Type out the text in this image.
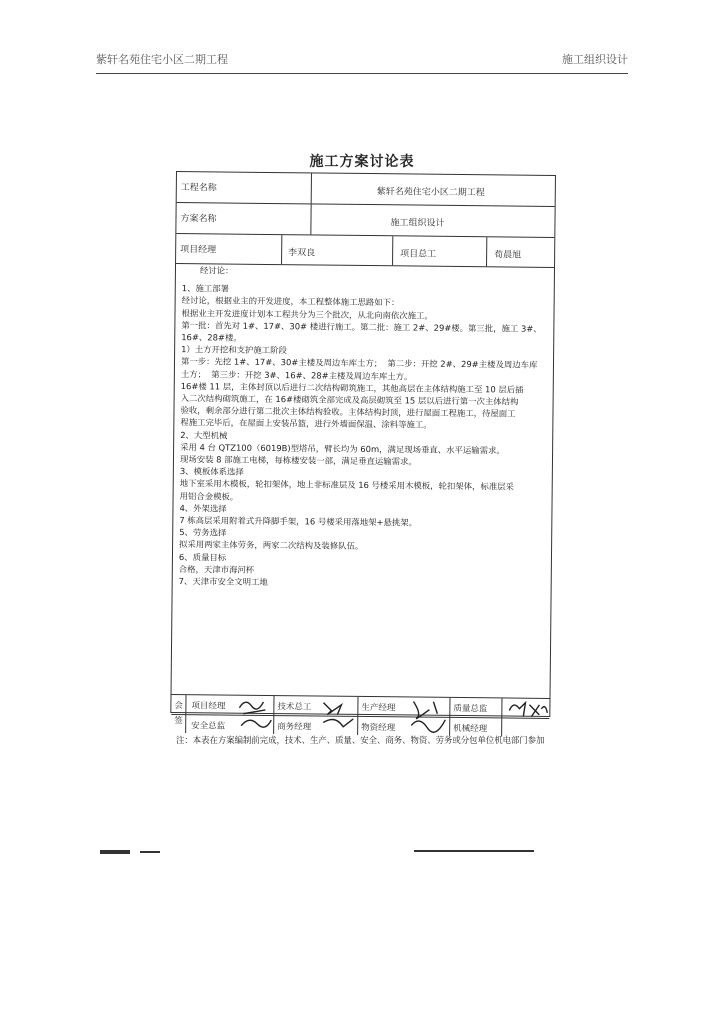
紫轩名苑住宅小区二期工程	施工组织设计
施工方案讨论表
工程名称	紫轩名苑住宅小区二期工程
方案名称	施工组织设计
项目经理	李双良	项目总工	荀晨旭

经讨论：

1、施工部署

经讨论，根据业主的开发进度，本工程整体施工思路如下：

根据业主开发进度计划本工程共分为三个批次，从北向南依次施工。

第一批：首先对 1#、17#、30# 楼进行施工。第二批：施工 2#、29#楼。第三批，施工 3#、

16#、28#楼。

1）土方开挖和支护施工阶段

第一步：先挖 1#、17#、30#主楼及周边车库土方；  第二步：开挖 2#、29#主楼及周边车库

土方；  第三步：开挖 3#、16#、28#主楼及周边车库土方。

16#楼 11 层，主体封顶以后进行二次结构砌筑施工，其他高层在主体结构施工至 10 层后插

入二次结构砌筑施工，在 16#楼砌筑全部完成及高层砌筑至 15 层以后进行第一次主体结构

验收，剩余部分进行第二批次主体结构验收。主体结构封顶，进行屋面工程施工，待屋面工

程施工完毕后，在屋面上安装吊篮，进行外墙面保温、涂料等施工。

2、大型机械

采用 4 台 QTZ100（6019B)型塔吊，臂长均为 60m，满足现场垂直、水平运输需求。

现场安装 8 部施工电梯，每栋楼安装一部，满足垂直运输需求。

3、模板体系选择

地下室采用木模板，轮扣架体，地上非标准层及 16 号楼采用木模板，轮扣架体，标准层采

用铝合金模板。

4、外架选择

7 栋高层采用附着式升降脚手架，16 号楼采用落地架+悬挑架。

5、劳务选择

拟采用两家主体劳务，两家二次结构及装修队伍。

6、质量目标

合格，天津市海河杯

7、天津市安全文明工地

会签
项目经理	技术总工	生产经理	质量总监
安全总监	商务经理	物资经理	机械经理
注：本表在方案编制前完成，技术、生产、质量、安全、商务、物资、劳务或分包单位机电部门参加
